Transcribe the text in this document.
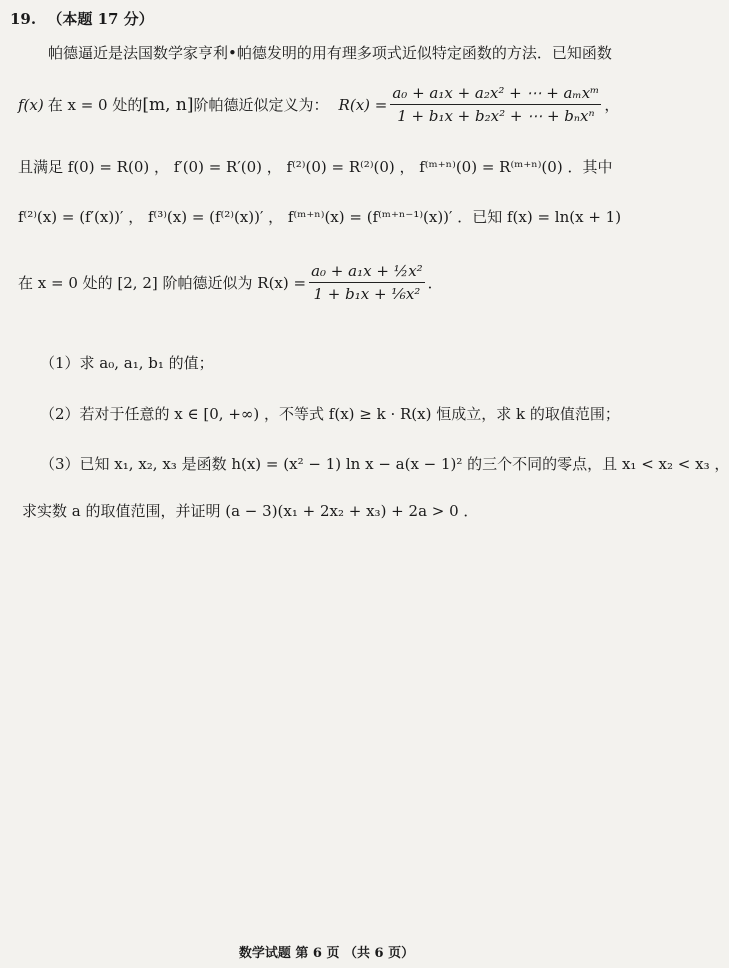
19. （本题 17 分）
帕德逼近是法国数学家亨利•帕德发明的用有理多项式近似特定函数的方法．已知函数
f(x) 在 x = 0 处的 [m, n] 阶帕德近似定义为： $R(x) = \frac{\text{a₀ + a₁x + a₂x² + ⋯ + aₘxᵐ}}{\text{1 + b₁x + b₂x² + ⋯ + bₙxⁿ}}$ ，
且满足 f(0) = R(0) ， f′(0) = R′(0) ， f⁽²⁾(0) = R⁽²⁾(0) ， f⁽ᵐ⁺ⁿ⁾(0) = R⁽ᵐ⁺ⁿ⁾(0) ．其中
f⁽²⁾(x) = (f′(x))′ ， f⁽³⁾(x) = (f⁽²⁾(x))′ ， f⁽ᵐ⁺ⁿ⁾(x) = (f⁽ᵐ⁺ⁿ⁻¹⁾(x))′ ．已知 f(x) = ln(x + 1)
在 x = 0 处的 [2, 2] 阶帕德近似为 $R(x) = \frac{\text{a₀ + a₁x + ½x²}}{\text{1 + b₁x + ⅙x²}}$ ．
（1）求 a₀, a₁, b₁ 的值；
（2）若对于任意的 x ∈ [0, +∞) ，不等式 f(x) ≥ k · R(x) 恒成立，求 k 的取值范围；
（3）已知 x₁, x₂, x₃ 是函数 h(x) = (x² − 1) ln x − a(x − 1)² 的三个不同的零点，且 x₁ < x₂ < x₃ ，
求实数 a 的取值范围，并证明 (a − 3)(x₁ + 2x₂ + x₃) + 2a > 0 ．
数学试题 第 6 页 （共 6 页）
